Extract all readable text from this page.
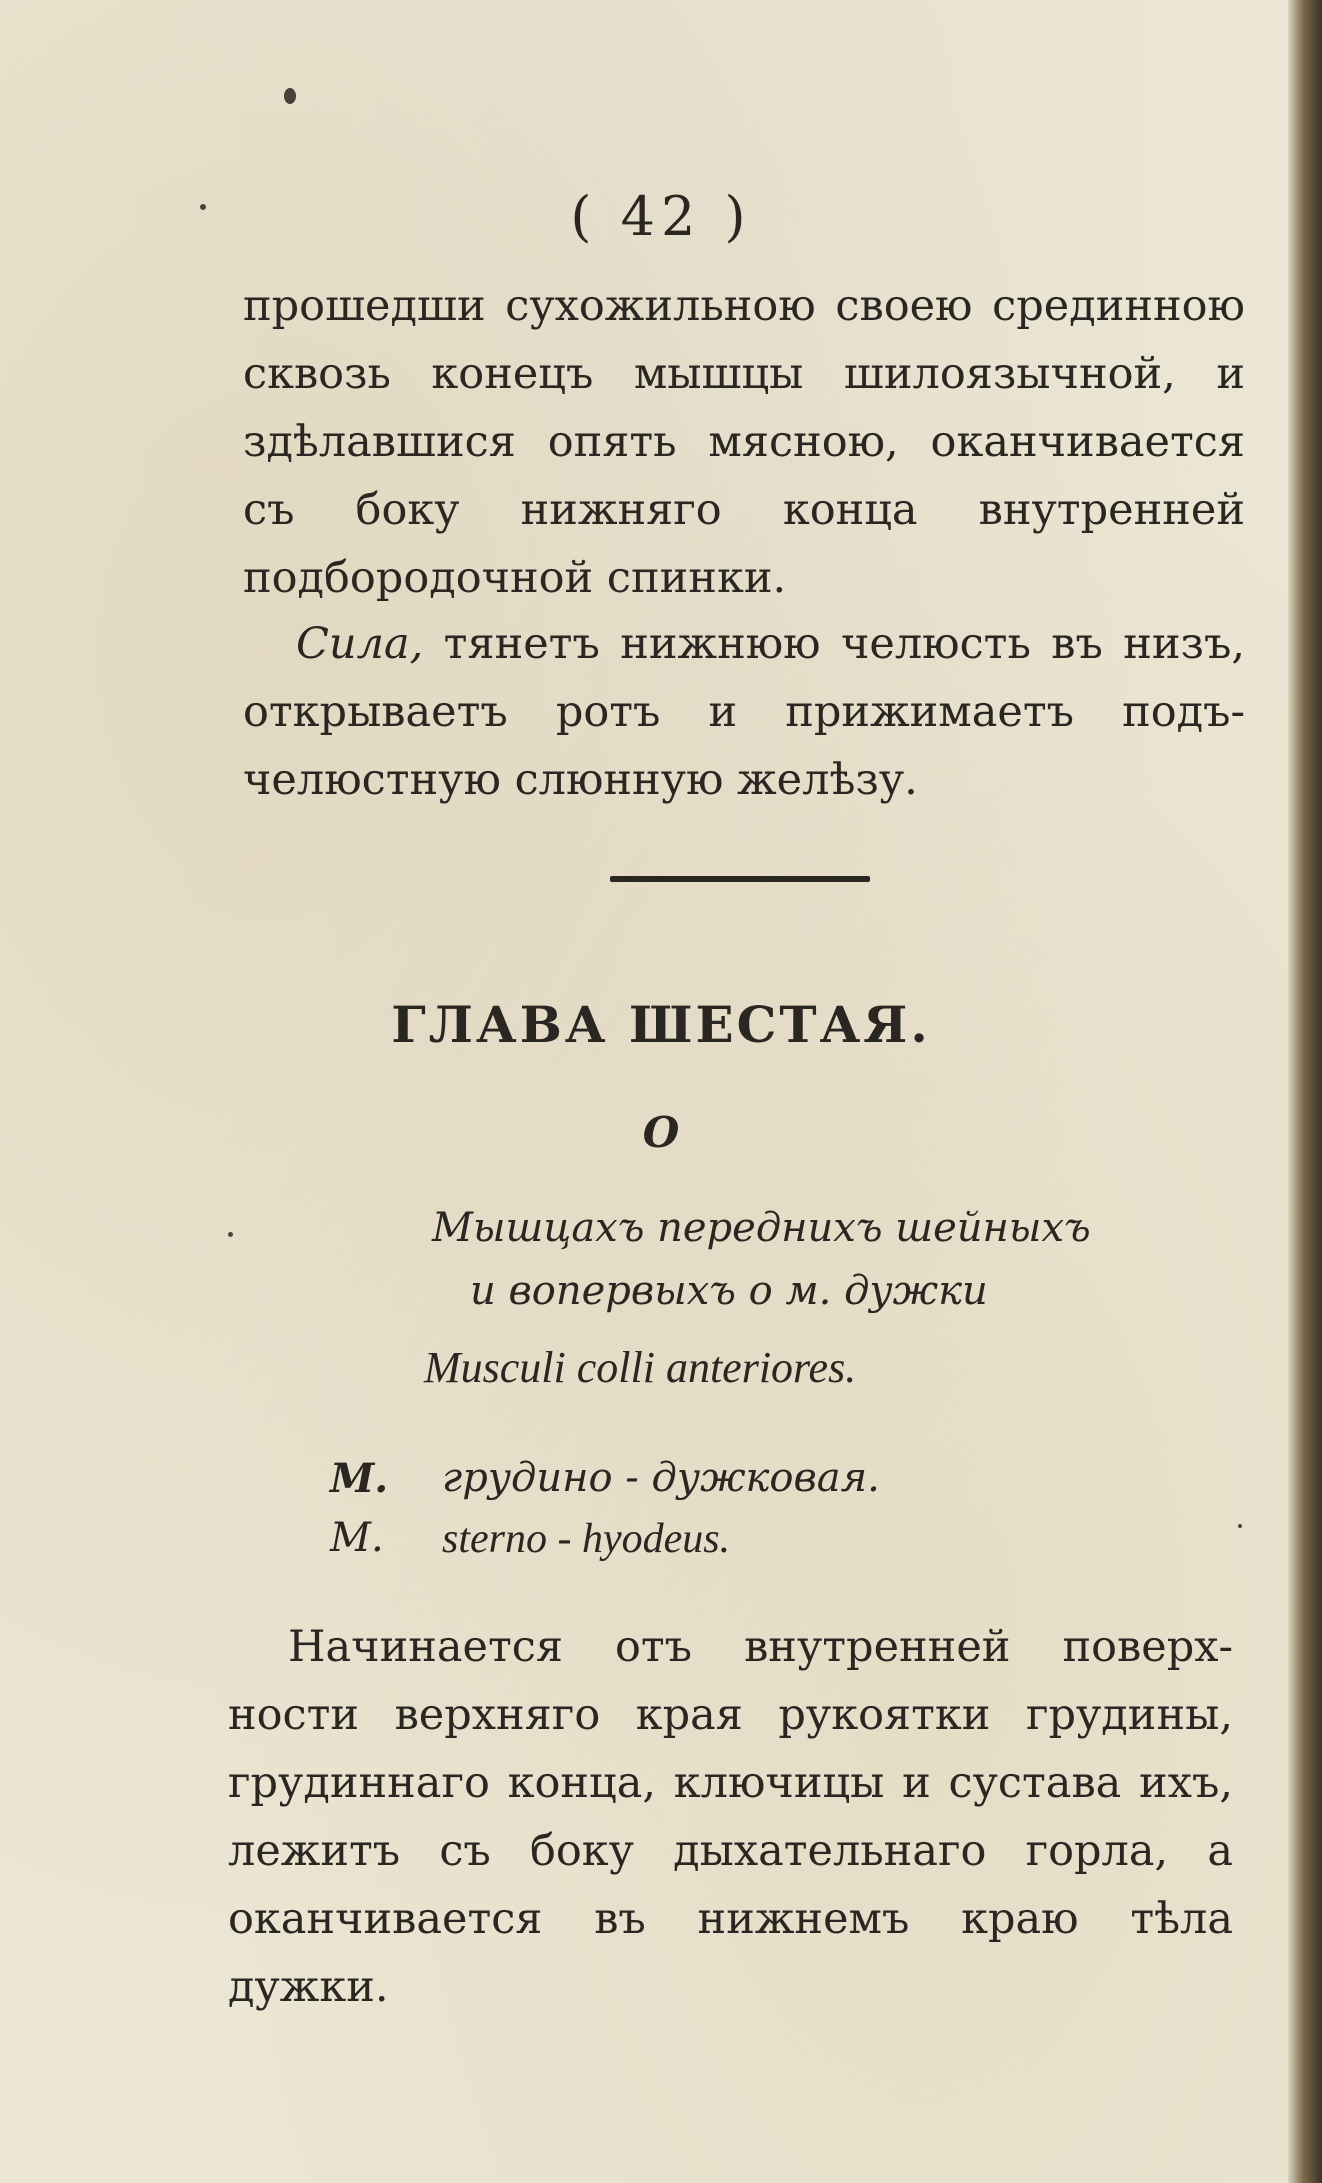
( 42 )

прошедши сухожильною своею срединною сквозь конецъ мышцы шилоязычной, и здѣлавшися опять мясною, оканчивается съ боку нижняго конца внутренней подбородочной спинки.

Сила, тянетъ нижнюю челюсть въ низъ, открываетъ ротъ и прижимаетъ подъ-челюстную слюнную желѣзу.

ГЛАВА ШЕСТАЯ.
О

Мышцахъ переднихъ шейныхъ

и вопервыхъ о м. дужки

Musculi colli anteriores.

M. грудино - дужковая.
M. sterno - hyodeus.

Начинается отъ внутренней поверхности верхняго края рукоятки грудины, грудиннаго конца, ключицы и сустава ихъ, лежитъ съ боку дыхательнаго горла, а оканчивается въ нижнемъ краю тѣла дужки.
